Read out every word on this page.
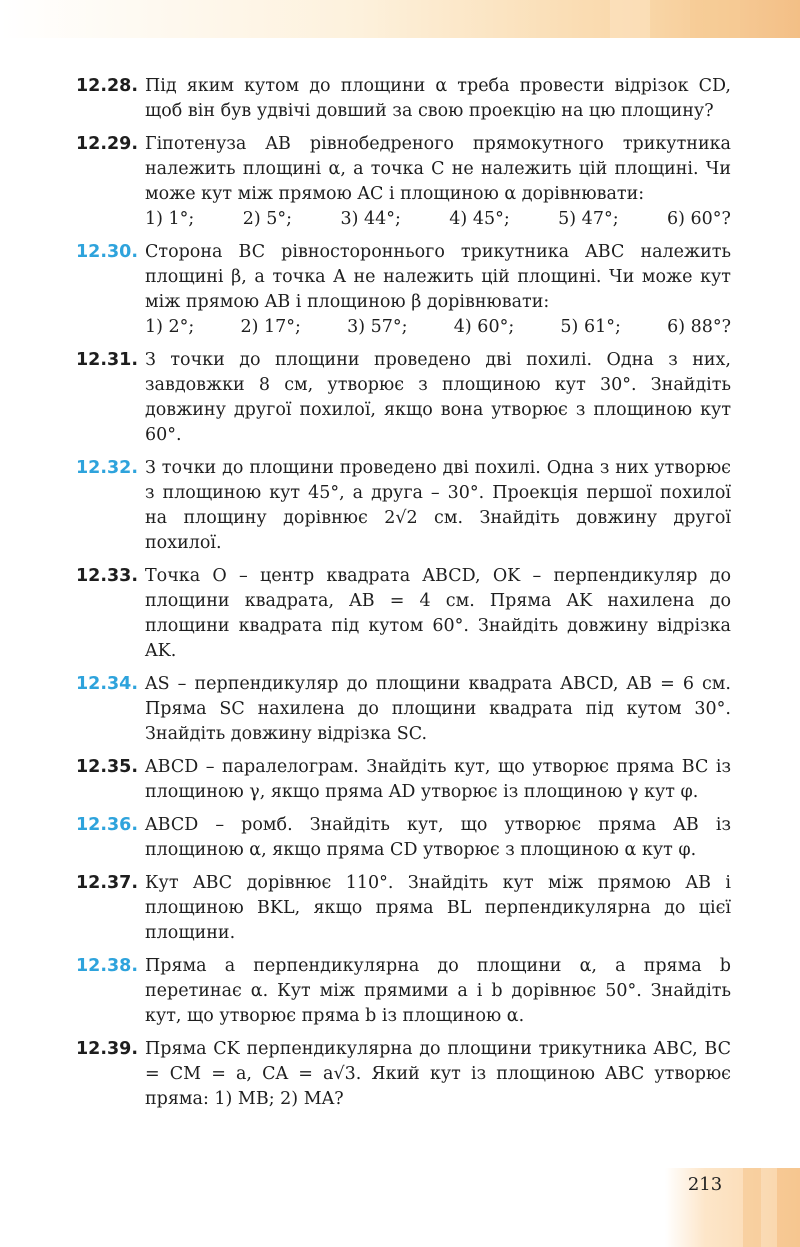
12.28. Під яким кутом до площини α треба провести відрізок CD, щоб він був удвічі довший за свою проекцію на цю площину?
12.29. Гіпотенуза AB рівнобедреного прямокутного трикутника належить площині α, а точка C не належить цій площині. Чи може кут між прямою AC і площиною α дорівнювати:
1) 1°;	2) 5°;	3) 44°;	4) 45°;	5) 47°;	6) 60°?
12.30. Сторона BC рівностороннього трикутника ABC належить площині β, а точка A не належить цій площині. Чи може кут між прямою AB і площиною β дорівнювати:
1) 2°;	2) 17°;	3) 57°;	4) 60°;	5) 61°;	6) 88°?
12.31. З точки до площини проведено дві похилі. Одна з них, завдовжки 8 см, утворює з площиною кут 30°. Знайдіть довжину другої похилої, якщо вона утворює з площиною кут 60°.
12.32. З точки до площини проведено дві похилі. Одна з них утворює з площиною кут 45°, а друга – 30°. Проекція першої похилої на площину дорівнює 2√2 см. Знайдіть довжину другої похилої.
12.33. Точка O – центр квадрата ABCD, OK – перпендикуляр до площини квадрата, AB = 4 см. Пряма AK нахилена до площини квадрата під кутом 60°. Знайдіть довжину відрізка AK.
12.34. AS – перпендикуляр до площини квадрата ABCD, AB = 6 см. Пряма SC нахилена до площини квадрата під кутом 30°. Знайдіть довжину відрізка SC.
12.35. ABCD – паралелограм. Знайдіть кут, що утворює пряма BC із площиною γ, якщо пряма AD утворює із площиною γ кут φ.
12.36. ABCD – ромб. Знайдіть кут, що утворює пряма AB із площиною α, якщо пряма CD утворює з площиною α кут φ.
12.37. Кут ABC дорівнює 110°. Знайдіть кут між прямою AB і площиною BKL, якщо пряма BL перпендикулярна до цієї площини.
12.38. Пряма a перпендикулярна до площини α, а пряма b перетинає α. Кут між прямими a і b дорівнює 50°. Знайдіть кут, що утворює пряма b із площиною α.
12.39. Пряма CK перпендикулярна до площини трикутника ABC, BC = CM = a, CA = a√3. Який кут із площиною ABC утворює пряма: 1) MB; 2) MA?
213
